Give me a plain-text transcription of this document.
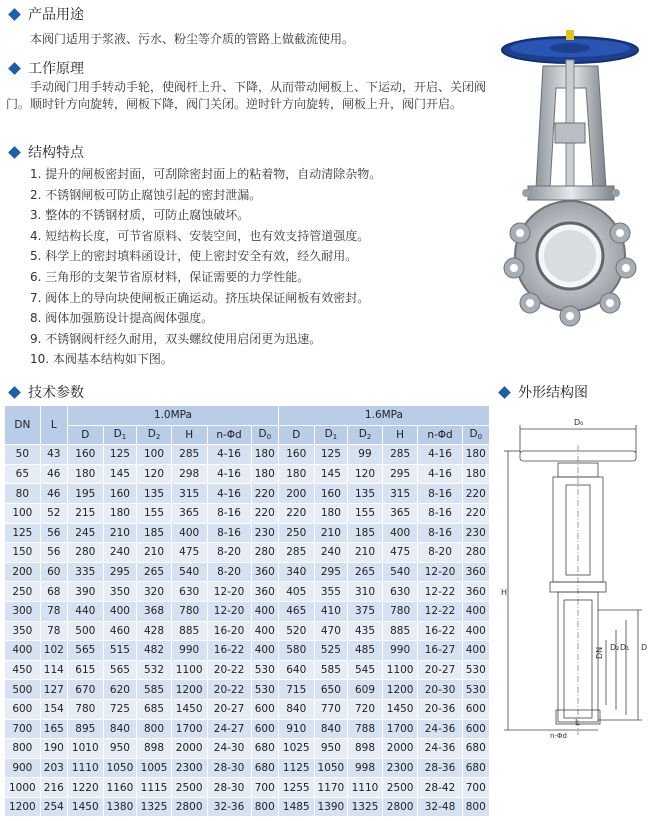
产品用途
本阀门适用于浆液、污水、粉尘等介质的管路上做截流使用。
工作原理
手动阀门用手转动手轮，使阀杆上升、下降，从而带动闸板上、下运动，开启、关闭阀门。顺时针方向旋转，闸板下降，阀门关闭。逆时针方向旋转，闸板上升，阀门开启。
结构特点
1. 提升的闸板密封面，可刮除密封面上的粘着物，自动清除杂物。
2. 不锈钢闸板可防止腐蚀引起的密封泄漏。
3. 整体的不锈钢材质，可防止腐蚀破坏。
4. 短结构长度，可节省原料、安装空间，也有效支持管道强度。
5. 科学上的密封填料函设计，使上密封安全有效，经久耐用。
6. 三角形的支架节省原材料，保证需要的力学性能。
7. 阀体上的导向块使闸板正确运动。挤压块保证闸板有效密封。
8. 阀体加强筋设计提高阀体强度。
9. 不锈钢阀杆经久耐用，双头螺纹使用启闭更为迅速。
10. 本阀基本结构如下图。
技术参数	外形结构图
D₀
H
DN D₂ D₁ D
L
n-Φd
DN	L	1.0MPa						1.6MPa					
		D	$D_1$	$D_2$	H	n-Φd	$D_0$	D	$D_1$	$D_2$	H	n-Φd	$D_0$
50	43	160	125	100	285	4-16	180	160	125	99	285	4-16	180
65	46	180	145	120	298	4-16	180	180	145	120	295	4-16	180
80	46	195	160	135	315	4-16	220	200	160	135	315	8-16	220
100	52	215	180	155	365	8-16	220	220	180	155	365	8-16	220
125	56	245	210	185	400	8-16	230	250	210	185	400	8-16	230
150	56	280	240	210	475	8-20	280	285	240	210	475	8-20	280
200	60	335	295	265	540	8-20	360	340	295	265	540	12-20	360
250	68	390	350	320	630	12-20	360	405	355	310	630	12-22	360
300	78	440	400	368	780	12-20	400	465	410	375	780	12-22	400
350	78	500	460	428	885	16-20	400	520	470	435	885	16-22	400
400	102	565	515	482	990	16-22	400	580	525	485	990	16-27	400
450	114	615	565	532	1100	20-22	530	640	585	545	1100	20-27	530
500	127	670	620	585	1200	20-22	530	715	650	609	1200	20-30	530
600	154	780	725	685	1450	20-27	600	840	770	720	1450	20-36	600
700	165	895	840	800	1700	24-27	600	910	840	788	1700	24-36	600
800	190	1010	950	898	2000	24-30	680	1025	950	898	2000	24-36	680
900	203	1110	1050	1005	2300	28-30	680	1125	1050	998	2300	28-36	680
1000	216	1220	1160	1115	2500	28-30	700	1255	1170	1110	2500	28-42	700
1200	254	1450	1380	1325	2800	32-36	800	1485	1390	1325	2800	32-48	800
